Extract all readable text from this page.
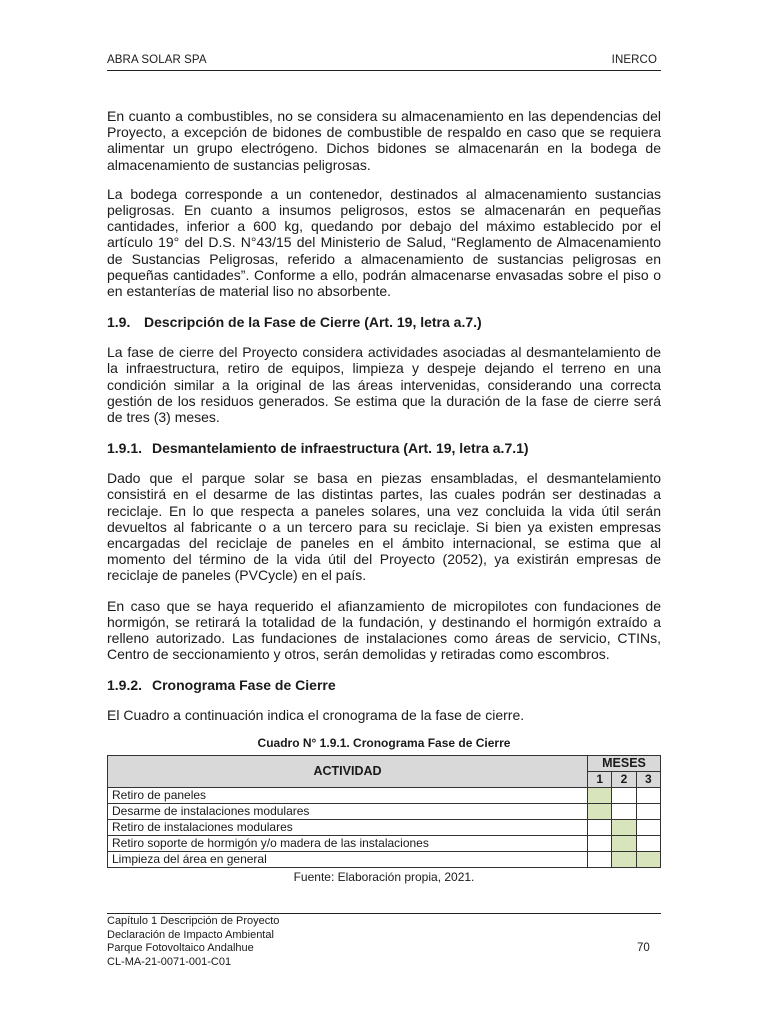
ABRA SOLAR SPA	INERCO

En cuanto a combustibles, no se considera su almacenamiento en las dependencias del Proyecto, a excepción de bidones de combustible de respaldo en caso que se requiera alimentar un grupo electrógeno. Dichos bidones se almacenarán en la bodega de almacenamiento de sustancias peligrosas.

La bodega corresponde a un contenedor, destinados al almacenamiento sustancias peligrosas. En cuanto a insumos peligrosos, estos se almacenarán en pequeñas cantidades, inferior a 600 kg, quedando por debajo del máximo establecido por el artículo 19° del D.S. N°43/15 del Ministerio de Salud, “Reglamento de Almacenamiento de Sustancias Peligrosas, referido a almacenamiento de sustancias peligrosas en pequeñas cantidades”. Conforme a ello, podrán almacenarse envasadas sobre el piso o en estanterías de material liso no absorbente.

1.9. Descripción de la Fase de Cierre (Art. 19, letra a.7.)

La fase de cierre del Proyecto considera actividades asociadas al desmantelamiento de la infraestructura, retiro de equipos, limpieza y despeje dejando el terreno en una condición similar a la original de las áreas intervenidas, considerando una correcta gestión de los residuos generados. Se estima que la duración de la fase de cierre será de tres (3) meses.

1.9.1. Desmantelamiento de infraestructura (Art. 19, letra a.7.1)

Dado que el parque solar se basa en piezas ensambladas, el desmantelamiento consistirá en el desarme de las distintas partes, las cuales podrán ser destinadas a reciclaje. En lo que respecta a paneles solares, una vez concluida la vida útil serán devueltos al fabricante o a un tercero para su reciclaje. Si bien ya existen empresas encargadas del reciclaje de paneles en el ámbito internacional, se estima que al momento del término de la vida útil del Proyecto (2052), ya existirán empresas de reciclaje de paneles (PVCycle) en el país.

En caso que se haya requerido el afianzamiento de micropilotes con fundaciones de hormigón, se retirará la totalidad de la fundación, y destinando el hormigón extraído a relleno autorizado. Las fundaciones de instalaciones como áreas de servicio, CTINs, Centro de seccionamiento y otros, serán demolidas y retiradas como escombros.

1.9.2. Cronograma Fase de Cierre

El Cuadro a continuación indica el cronograma de la fase de cierre.

Cuadro N° 1.9.1. Cronograma Fase de Cierre
ACTIVIDAD	MESES		
	1	2	3
Retiro de paneles			
Desarme de instalaciones modulares			
Retiro de instalaciones modulares			
Retiro soporte de hormigón y/o madera de las instalaciones			
Limpieza del área en general			
Fuente: Elaboración propia, 2021.
Capítulo 1 Descripción de Proyecto
Declaración de Impacto Ambiental
Parque Fotovoltaico Andalhue
CL-MA-21-0071-001-C01
70
